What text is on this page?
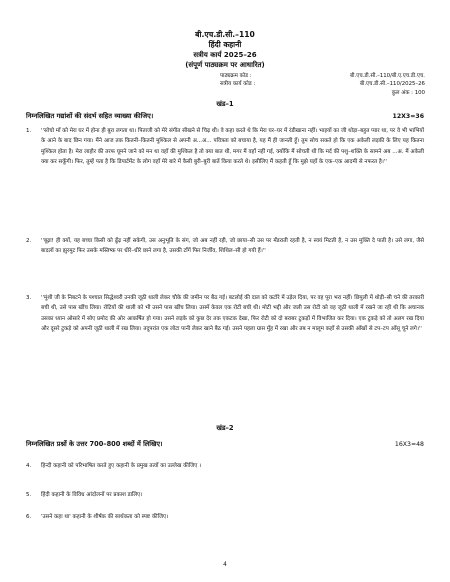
बी.एच.डी.सी.–110
हिंदी कहानी
सत्रीय कार्य 2025–26
(संपूर्ण पाठ्यक्रम पर आधारित)
पाठ्यक्रम कोड :	बी.एच.डी.सी.–110/बी.ए.एच.डी.एच.
सत्रीय कार्य कोड :	बी.एच.डी.सी.–110/2025–26
कुल अंक : 100
खंड–1
निम्नलिखित गद्यांशों की संदर्भ सहित व्याख्या कीजिए।	12X3=36
1.	''सोचो माँ को मेरा घर में होना ही बुरा लगता था। पिताजी को मेरे संगीत सीखने से चिढ़ थी। वे कहा करते थे कि मेरा घर–घर में रंडीखाना नहीं। भाइयों का जी थोड़ा–बहुत प्यार था, पर वे भी भाभियों के आने के बाद छिन गया। मैंने आज तक कितनी–कितनी मुश्किल से अपनी अ...अ... पवित्रता को बचाया है, यह मैं ही जानती हूँ। तुम सोच सकते हो कि एक अकेली लड़की के लिए यह कितना मुश्किल होता है। मेरा लाहौर की तरफ घूमने जाने को मन था वहाँ की मुश्किल है तो क्या बात थी, मगर मैं वहाँ नहीं गई, क्योंकि मैं सोचती थी कि मर्द की पशु–शक्ति के सामने अब ...अ. मैं अकेली क्या कर सकूँगी। फिर, तुम्हें पता है कि डिपार्टमेंट के लोग वहाँ मेरे बारे में कैसी बुरी–बुरी बातें किया करते थे। इसीलिए मैं कहती हूँ कि मुझे यहाँ के एक–एक आदमी से नफरत है।''
2.	''बूढ़ा! ही क्यों, यह बच्चा किसी को ढूँढ़ नहीं सकेगी, उस अनुभूति के संग, जो अब नहीं रही, जो छाया–सी उस पर मँडराती रहती है, न स्वयं मिटती है, न उस मुक्ति दे पाती है। उसे लगा, जैसे बादलों का झुरमुट फिर उसके मस्तिष्क पर धीरे–धीरे छाने लगा है, उसकी टाँगें फिर निर्जीव, शिथिल–सी हो गयी हैं।''
3.	''मुंशी जी के निबटने के पश्चात सिद्धेश्वरी उनकी जूठी थाली लेकर चौके की जमीन पर बैठ गई। बटलोई की दाल को कटोरे में उड़ेल दिया, पर वह पूरा भरा नहीं। छिपुली में थोड़ी–सी चने की तरकारी बची थी, उसे पास खींच लिया। रोटियों की थाली को भी उसने पास खींच लिया। उसमें केवल एक रोटी बची थी। मोटी भद्दी और जली उस रोटी को वह जूठी थाली में रखने जा रही थी कि अचानक उसका ध्यान ओसारे में सोए प्रमोद की ओर आकर्षित हो गया। उसने लड़के को कुछ देर तक एकटक देखा, फिर रोटी को दो बराबर टुकड़ों में विभाजित कर दिया। एक टुकड़े को तो अलग रख दिया और दूसरे टुकड़े को अपनी जूठी थाली में रख लिया। तदुपरांत एक लोटा पानी लेकर खाने बैठ गई। उसने पहला ग्रास मुँह में रखा और तब न मालूम कहाँ से उसकी आँखों से टप–टप आँसू चूने लगे।''
खंड–2
निम्नलिखित प्रश्नों के उत्तर 700–800 शब्दों में लिखिए।	16X3=48
4.	हिन्दी कहानी को परिभाषित करते हुए कहानी के प्रमुख तत्वों का उल्लेख कीजिए ।
5.	हिंदी कहानी के विविध आंदोलनों पर प्रकाश डालिए।
6.	'उसने कहा था' कहानी के शीर्षक की सार्थकता को स्पष्ट कीजिए।
4
